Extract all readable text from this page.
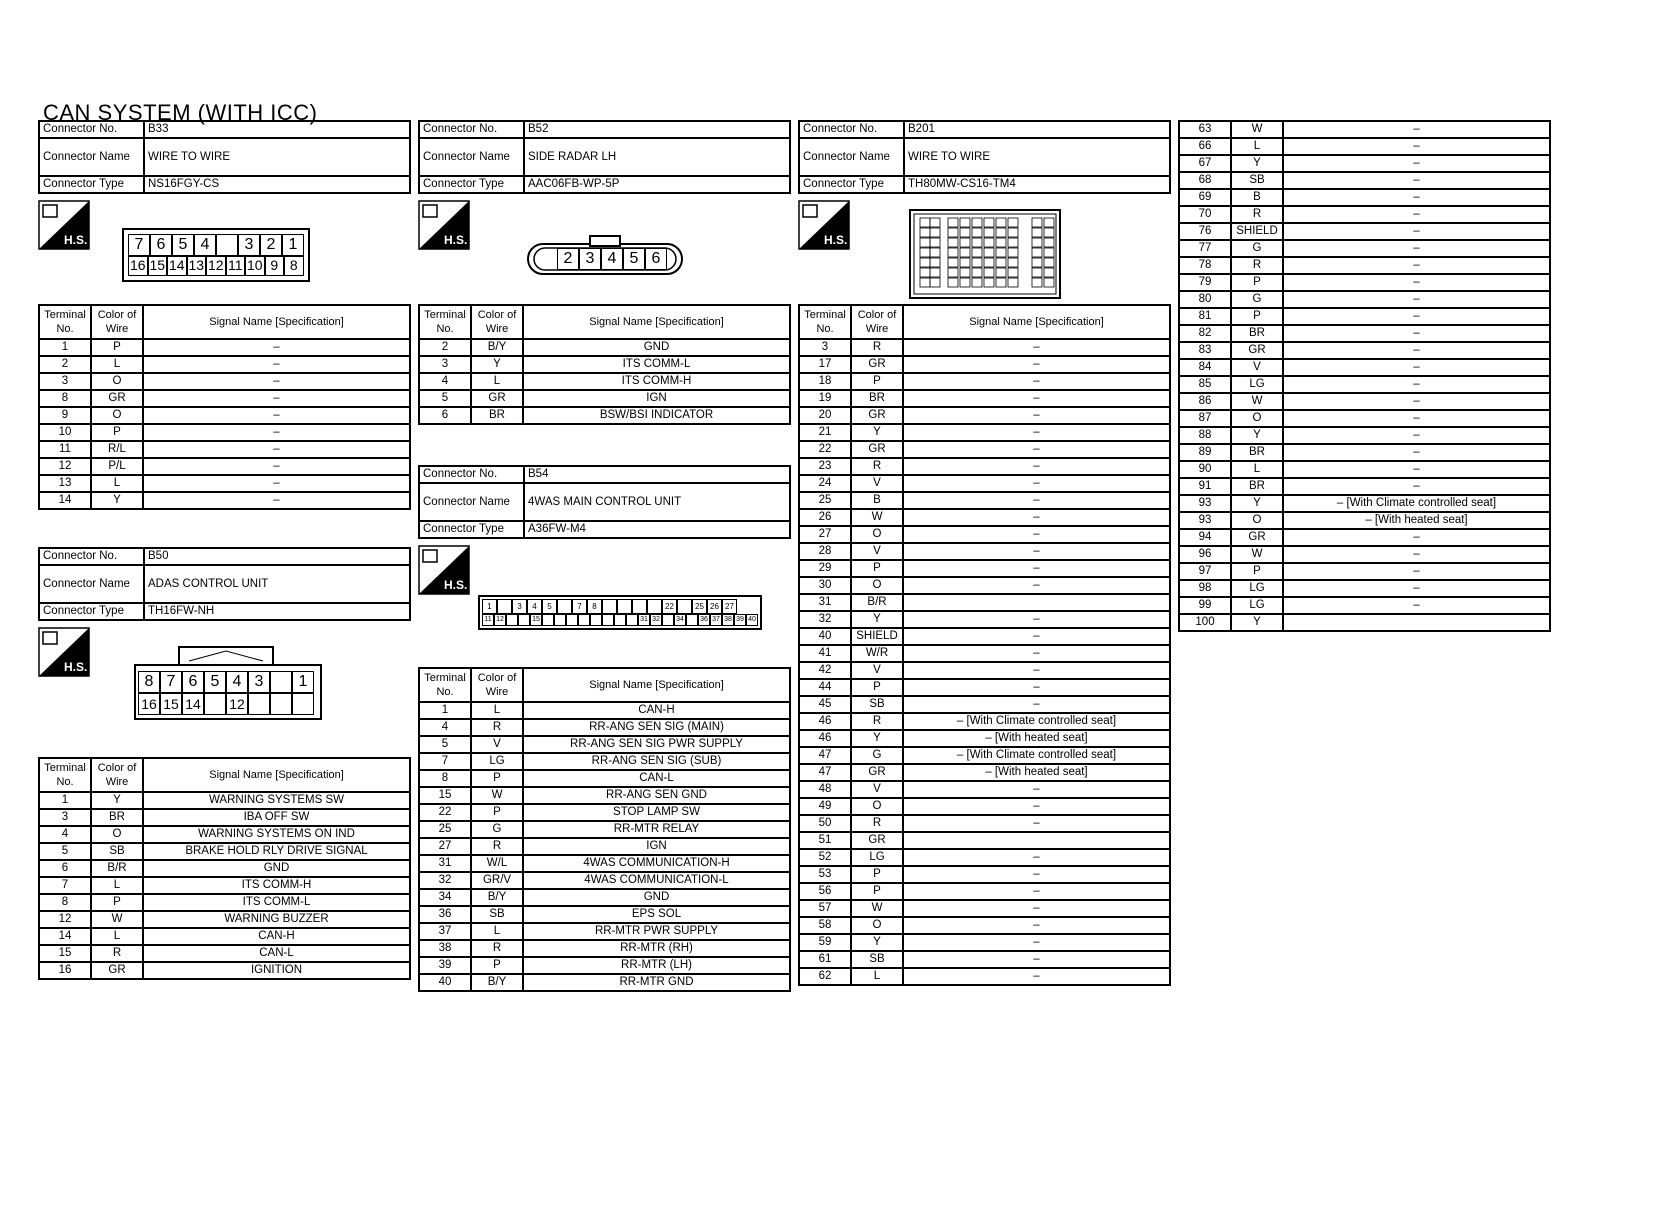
CAN SYSTEM (WITH ICC)
Connector No.	B33
Connector Name	WIRE TO WIRE
Connector Type	NS16FGY-CS
H.S.	7 6 5 4	3 2 1
16 15 14 13 12 11 10 9 8
Terminal No.	Color of Wire	Signal Name [Specification]
1	P	–
2	L	–
3	O	–
8	GR	–
9	O	–
10	P	–
11	R/L	–
12	P/L	–
13	L	–
14	Y	–
Connector No.	B50
Connector Name	ADAS CONTROL UNIT
Connector Type	TH16FW-NH
H.S.
8 7 6 5 4 3	1
16 15 14 12
Terminal No.	Color of Wire	Signal Name [Specification]
1	Y	WARNING SYSTEMS SW
3	BR	IBA OFF SW
4	O	WARNING SYSTEMS ON IND
5	SB	BRAKE HOLD RLY DRIVE SIGNAL
6	B/R	GND
7	L	ITS COMM-H
8	P	ITS COMM-L
12	W	WARNING BUZZER
14	L	CAN-H
15	R	CAN-L
16	GR	IGNITION
Connector No.	B52
Connector Name	SIDE RADAR LH
Connector Type	AAC06FB-WP-5P
H.S.
2 3 4 5 6
Terminal No.	Color of Wire	Signal Name [Specification]
2	B/Y	GND
3	Y	ITS COMM-L
4	L	ITS COMM-H
5	GR	IGN
6	BR	BSW/BSI INDICATOR
Connector No.	B54
Connector Name	4WAS MAIN CONTROL UNIT
Connector Type	A36FW-M4
H.S.
1	3	4	5	7	8	22	25 26 27
11 12	15	31 32	34	36 37 38 39 40
Terminal No.	Color of Wire	Signal Name [Specification]
1	L	CAN-H
4	R	RR-ANG SEN SIG (MAIN)
5	V	RR-ANG SEN SIG PWR SUPPLY
7	LG	RR-ANG SEN SIG (SUB)
8	P	CAN-L
15	W	RR-ANG SEN GND
22	P	STOP LAMP SW
25	G	RR-MTR RELAY
27	R	IGN
31	W/L	4WAS COMMUNICATION-H
32	GR/V	4WAS COMMUNICATION-L
34	B/Y	GND
36	SB	EPS SOL
37	L	RR-MTR PWR SUPPLY
38	R	RR-MTR (RH)
39	P	RR-MTR (LH)
40	B/Y	RR-MTR GND
Connector No.	B201
Connector Name	WIRE TO WIRE
Connector Type	TH80MW-CS16-TM4
H.S.
Terminal No.	Color of Wire	Signal Name [Specification]
3	R	–
17	GR	–
18	P	–
19	BR	–
20	GR	–
21	Y	–
22	GR	–
23	R	–
24	V	–
25	B	–
26	W	–
27	O	–
28	V	–
29	P	–
30	O	–
31	B/R	
32	Y	–
40	SHIELD	–
41	W/R	–
42	V	–
44	P	–
45	SB	–
46	R	– [With Climate controlled seat]
46	Y	– [With heated seat]
47	G	– [With Climate controlled seat]
47	GR	– [With heated seat]
48	V	–
49	O	–
50	R	–
51	GR	
52	LG	–
53	P	–
56	P	–
57	W	–
58	O	–
59	Y	–
61	SB	–
62	L	–
63	W	–
66	L	–
67	Y	–
68	SB	–
69	B	–
70	R	–
76	SHIELD	–
77	G	–
78	R	–
79	P	–
80	G	–
81	P	–
82	BR	–
83	GR	–
84	V	–
85	LG	–
86	W	–
87	O	–
88	Y	–
89	BR	–
90	L	–
91	BR	–
93	Y	– [With Climate controlled seat]
93	O	– [With heated seat]
94	GR	–
96	W	–
97	P	–
98	LG	–
99	LG	–
100	Y	
